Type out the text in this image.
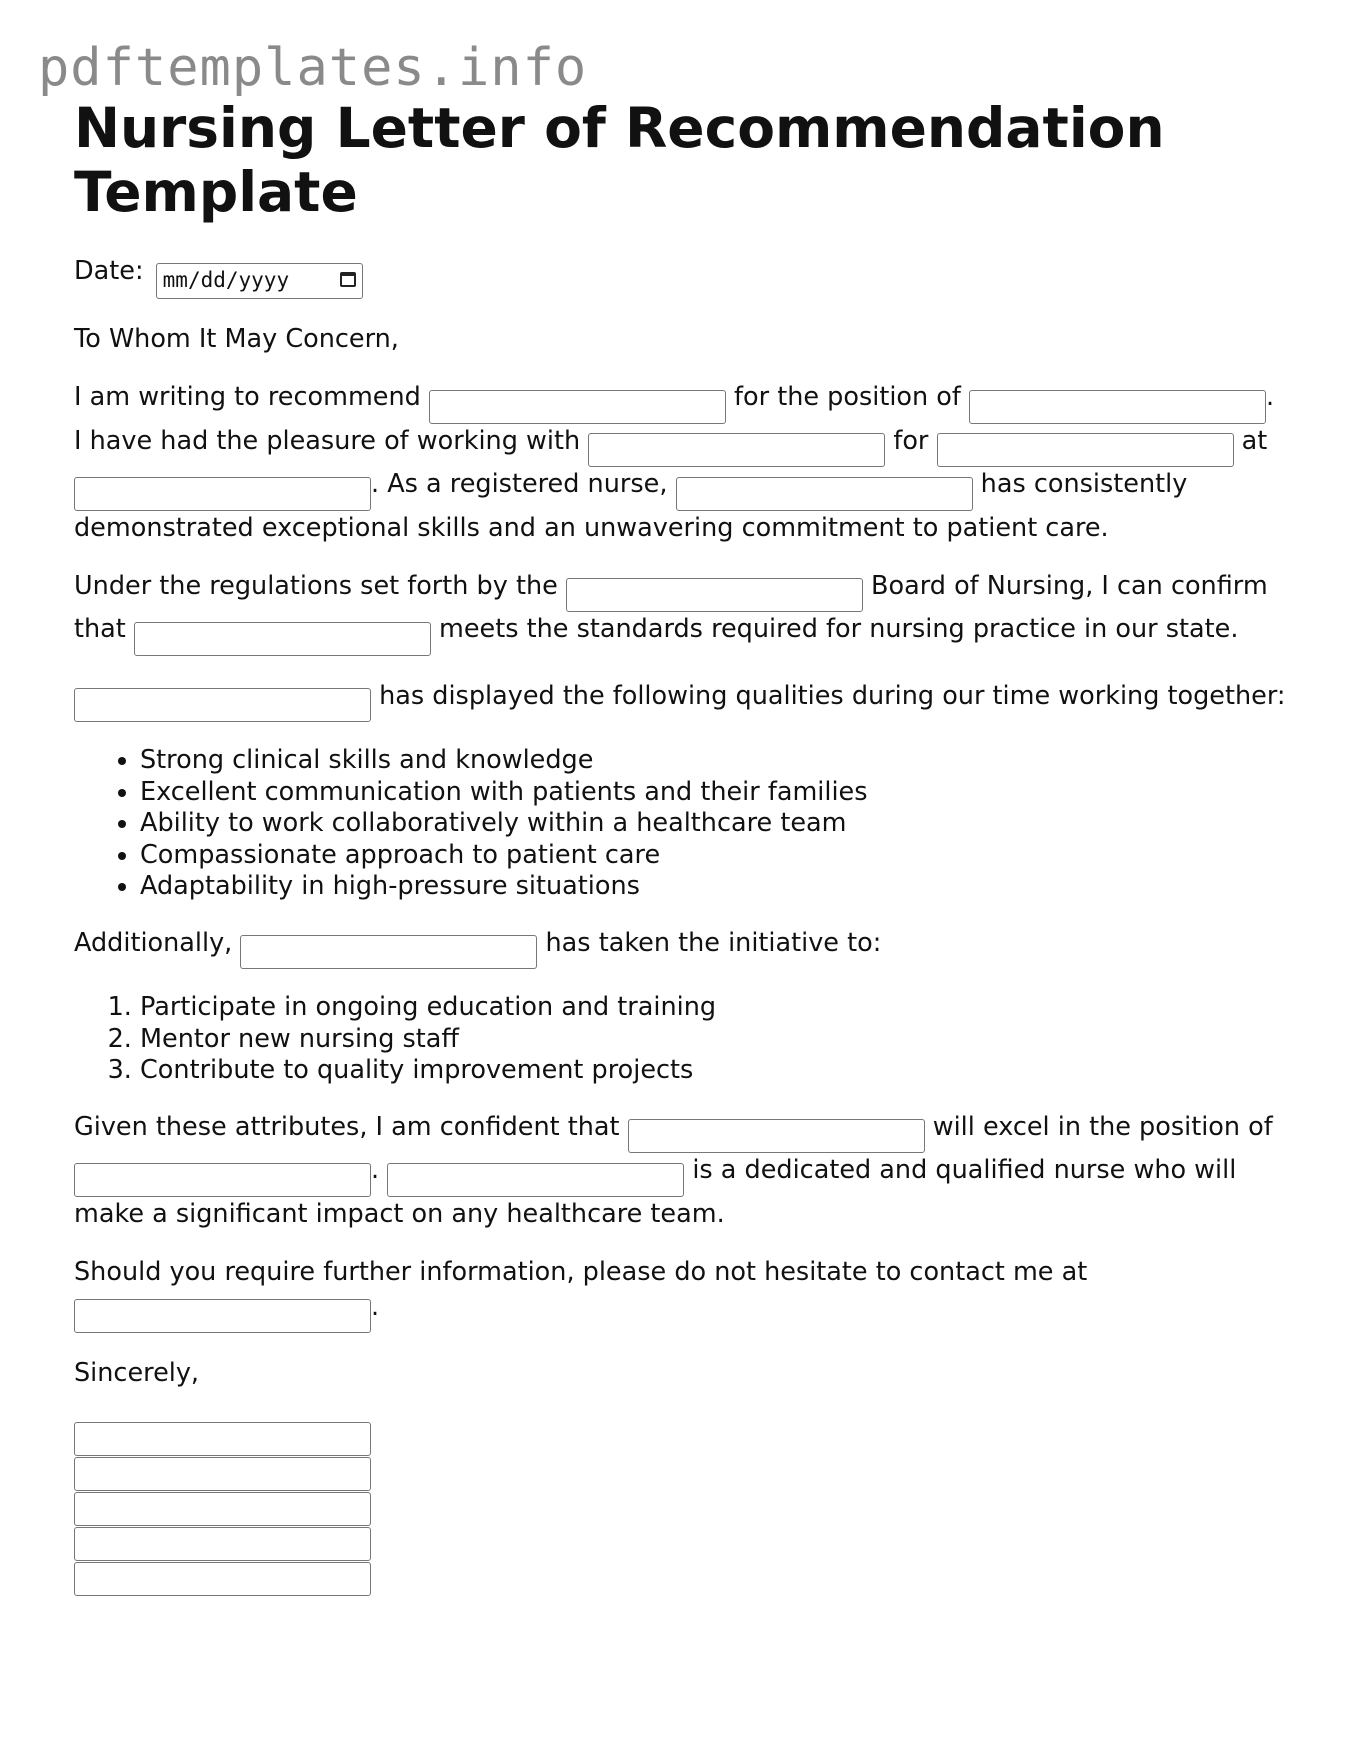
pdftemplates.info
Nursing Letter of Recommendation Template

Date: mm/dd/yyyy

To Whom It May Concern,

I am writing to recommend	for the position of	. I have had the pleasure of working with	for	at . As a registered nurse,	has consistently demonstrated exceptional skills and an unwavering commitment to patient care.

Under the regulations set forth by the	Board of Nursing, I can confirm that	meets the standards required for nursing practice in our state.

has displayed the following qualities during our time working together:

• Strong clinical skills and knowledge
• Excellent communication with patients and their families
• Ability to work collaboratively within a healthcare team
• Compassionate approach to patient care
• Adaptability in high-pressure situations

Additionally,	has taken the initiative to:

1. Participate in ongoing education and training
2. Mentor new nursing staff
3. Contribute to quality improvement projects

Given these attributes, I am confident that	will excel in the position of .	is a dedicated and qualified nurse who will make a significant impact on any healthcare team.

Should you require further information, please do not hesitate to contact me at .

Sincerely,
